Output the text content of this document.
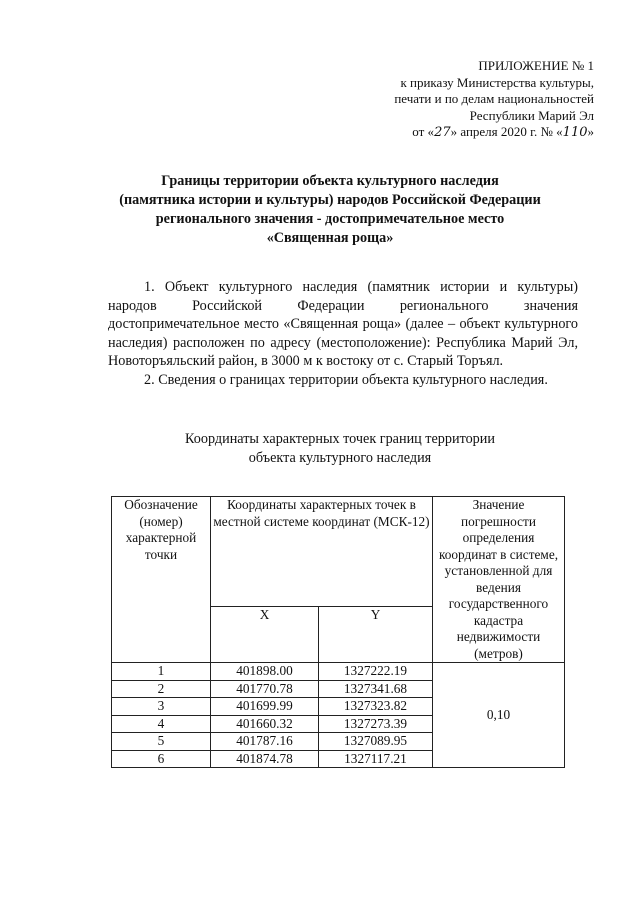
ПРИЛОЖЕНИЕ № 1
к приказу Министерства культуры,
печати и по делам национальностей
Республики Марий Эл
от «27» апреля 2020 г. № «110»
Границы территории объекта культурного наследия
(памятника истории и культуры) народов Российской Федерации
регионального значения - достопримечательное место
«Священная роща»

1. Объект культурного наследия (памятник истории и культуры) народов Российской Федерации регионального значения достопримечательное место «Священная роща» (далее – объект культурного наследия) расположен по адресу (местоположение): Республика Марий Эл, Новоторъяльский район, в 3000 м к востоку от с. Старый Торъял.

2. Сведения о границах территории объекта культурного наследия.

Координаты характерных точек границ территории
объекта культурного наследия
Обозначение (номер) характерной точки	Координаты характерных точек в местной системе координат (МСК-12)		Значение погрешности определения координат в системе, установленной для ведения государственного кадастра недвижимости (метров)
	X	Y	
1	401898.00	1327222.19	0,10
2	401770.78	1327341.68	
3	401699.99	1327323.82	
4	401660.32	1327273.39	
5	401787.16	1327089.95	
6	401874.78	1327117.21	
